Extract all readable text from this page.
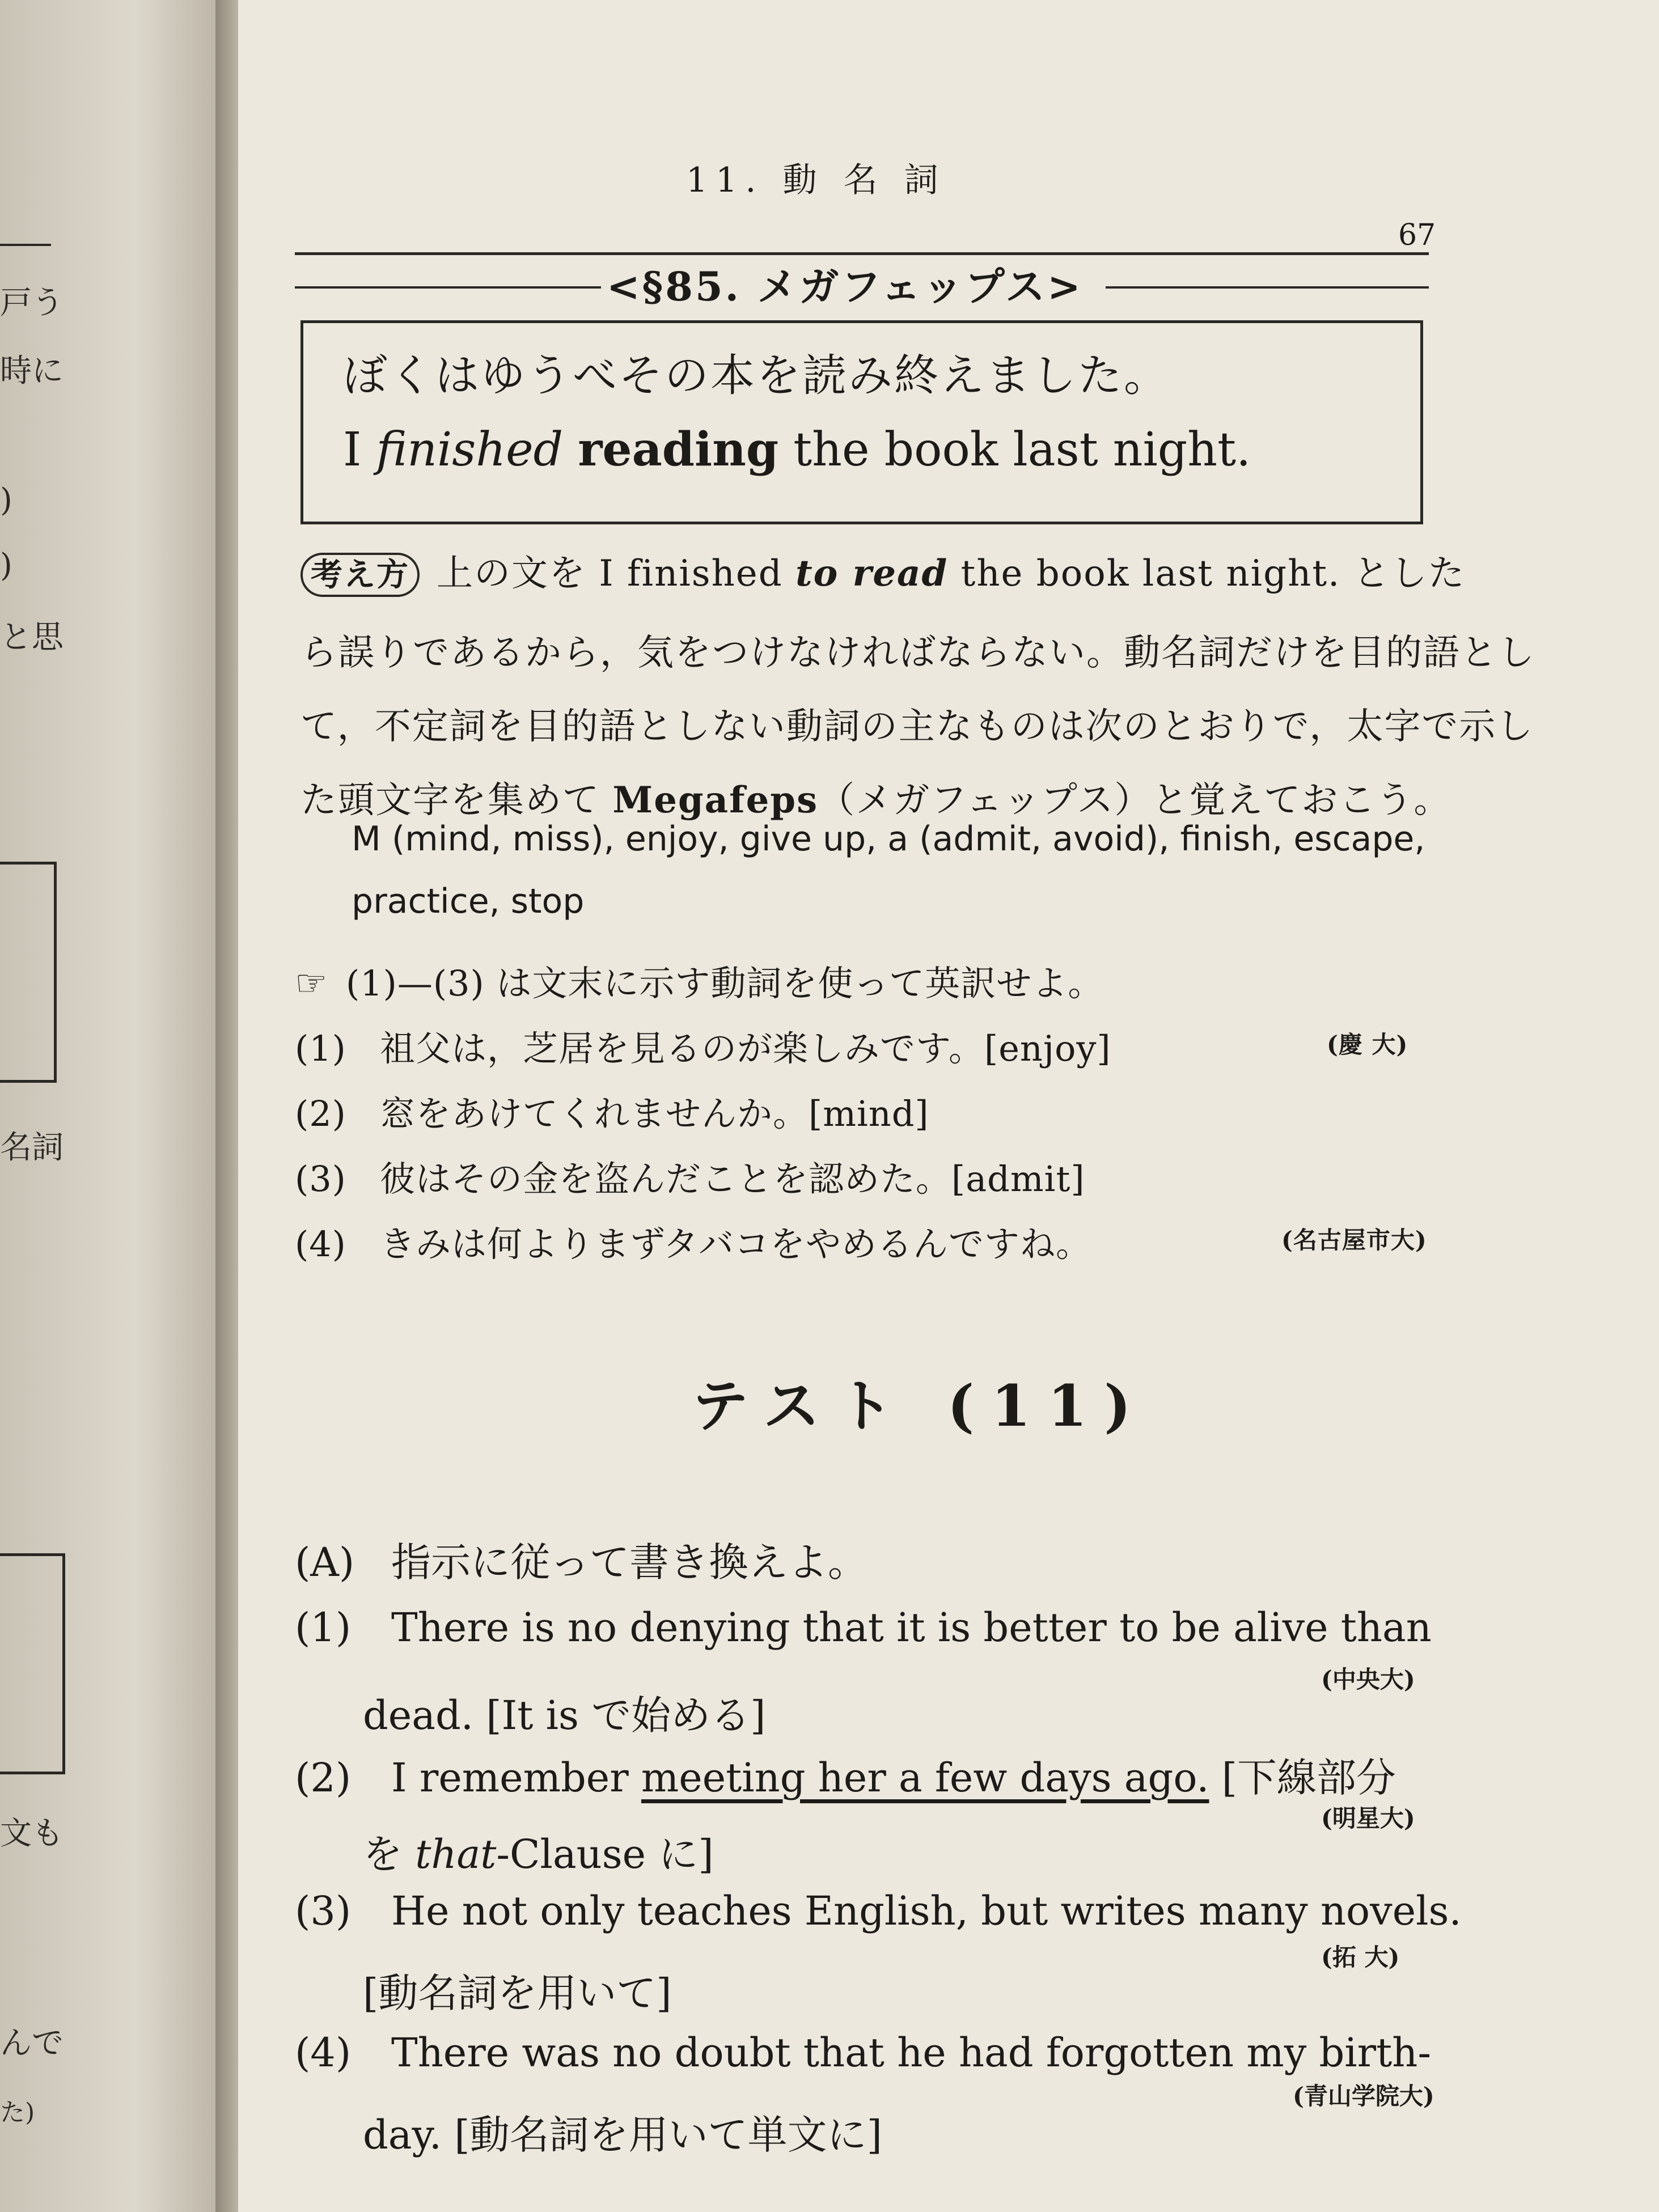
戸う
時に
)
)
と思
名詞
文も
んで
た)
11. 動 名 詞
67
<§85. メガフェップス>
ぼくはゆうべその本を読み終えました。
I finished reading the book last night.
考え方 上の文を I finished to read the book last night. とした
ら誤りであるから，気をつけなければならない。動名詞だけを目的語とし
て，不定詞を目的語としない動詞の主なものは次のとおりで，太字で示し
た頭文字を集めて Megafeps（メガフェップス）と覚えておこう。
M (mind, miss), enjoy, give up, a (admit, avoid), finish, escape,
practice, stop
☞ (1)—(3) は文末に示す動詞を使って英訳せよ。
(1) 祖父は，芝居を見るのが楽しみです。[enjoy]	(慶 大)
(2) 窓をあけてくれませんか。[mind]
(3) 彼はその金を盗んだことを認めた。[admit]
(4) きみは何よりまずタバコをやめるんですね。	(名古屋市大)
テスト (11)
(A) 指示に従って書き換えよ。
(1) There is no denying that it is better to be alive than
(中央大)
dead. [It is で始める]
(2) I remember meeting her a few days ago. [下線部分
(明星大)
を that-Clause に]
(3) He not only teaches English, but writes many novels.
(拓 大)
[動名詞を用いて]
(4) There was no doubt that he had forgotten my birth-
(青山学院大)
day. [動名詞を用いて単文に]
